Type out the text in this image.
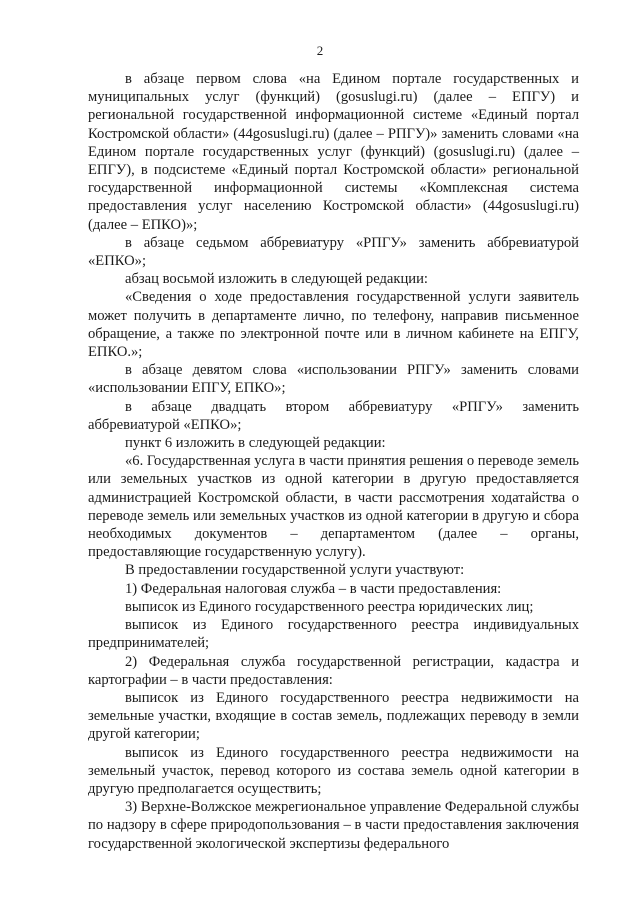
2

в абзаце первом слова «на Едином портале государственных и муниципальных услуг (функций) (gosuslugi.ru) (далее – ЕПГУ) и региональной государственной информационной системе «Единый портал Костромской области» (44gosuslugi.ru) (далее – РПГУ)» заменить словами «на Едином портале государственных услуг (функций) (gosuslugi.ru) (далее – ЕПГУ), в подсистеме «Единый портал Костромской области» региональной государственной информационной системы «Комплексная система предоставления услуг населению Костромской области» (44gosuslugi.ru) (далее – ЕПКО)»;

в абзаце седьмом аббревиатуру «РПГУ» заменить аббревиатурой «ЕПКО»;

абзац восьмой изложить в следующей редакции:

«Сведения о ходе предоставления государственной услуги заявитель может получить в департаменте лично, по телефону, направив письменное обращение, а также по электронной почте или в личном кабинете на ЕПГУ, ЕПКО.»;

в абзаце девятом слова «использовании РПГУ» заменить словами «использовании ЕПГУ, ЕПКО»;

в абзаце двадцать втором аббревиатуру «РПГУ» заменить аббревиатурой «ЕПКО»;

пункт 6 изложить в следующей редакции:

«6. Государственная услуга в части принятия решения о переводе земель или земельных участков из одной категории в другую предоставляется администрацией Костромской области, в части рассмотрения ходатайства о переводе земель или земельных участков из одной категории в другую и сбора необходимых документов – департаментом (далее – органы, предоставляющие государственную услугу).

В предоставлении государственной услуги участвуют:

1) Федеральная налоговая служба – в части предоставления:

выписок из Единого государственного реестра юридических лиц;

выписок из Единого государственного реестра индивидуальных предпринимателей;

2) Федеральная служба государственной регистрации, кадастра и картографии – в части предоставления:

выписок из Единого государственного реестра недвижимости на земельные участки, входящие в состав земель, подлежащих переводу в земли другой категории;

выписок из Единого государственного реестра недвижимости на земельный участок, перевод которого из состава земель одной категории в другую предполагается осуществить;

3) Верхне-Волжское межрегиональное управление Федеральной службы по надзору в сфере природопользования – в части предоставления заключения государственной экологической экспертизы федерального
